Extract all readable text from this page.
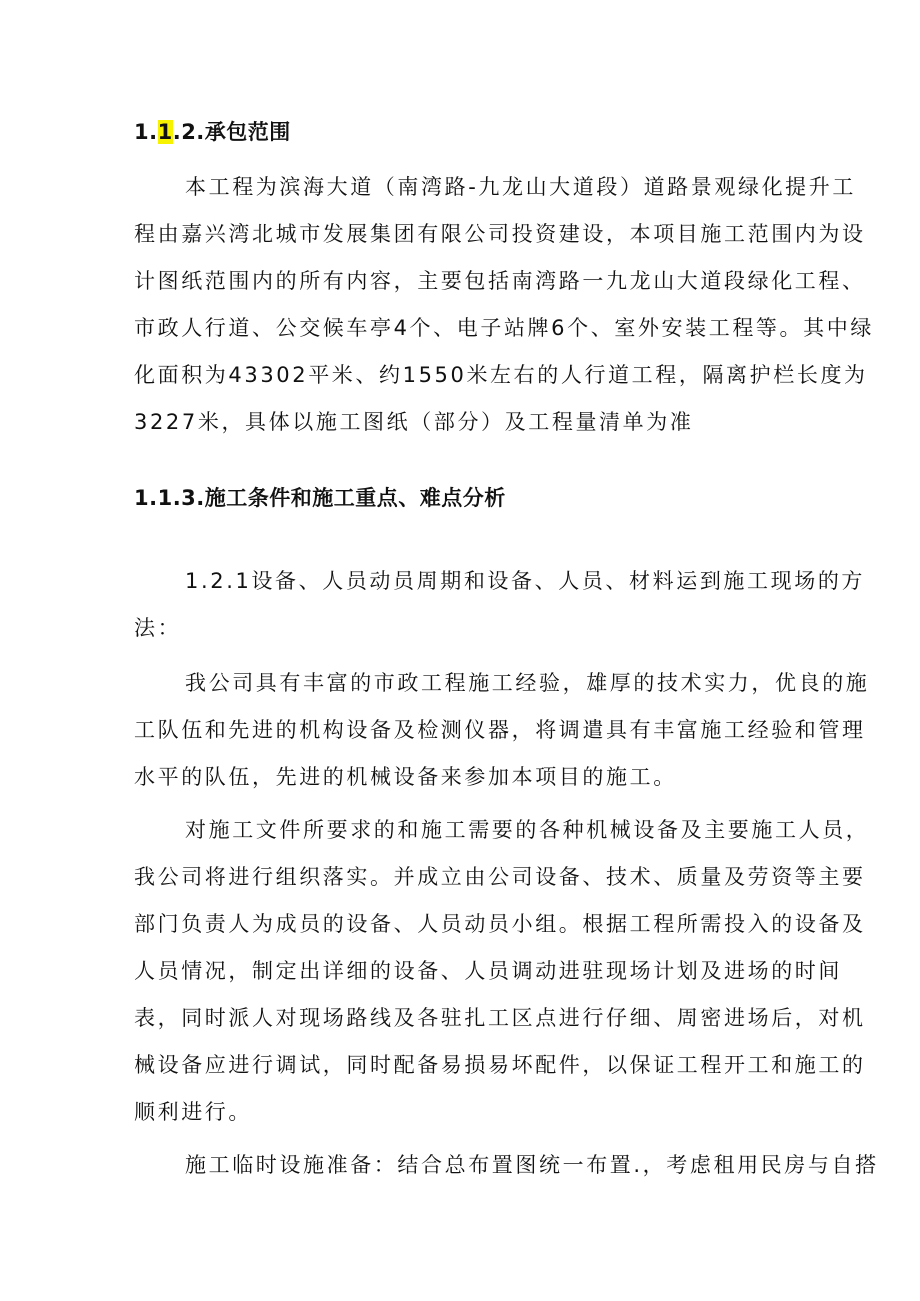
1.1.2.承包范围
本工程为滨海大道（南湾路-九龙山大道段）道路景观绿化提升工
程由嘉兴湾北城市发展集团有限公司投资建设，本项目施工范围内为设
计图纸范围内的所有内容，主要包括南湾路一九龙山大道段绿化工程、
市政人行道、公交候车亭4个、电子站牌6个、室外安装工程等。其中绿
化面积为43302平米、约1550米左右的人行道工程，隔离护栏长度为
3227米，具体以施工图纸（部分）及工程量清单为准
1.1.3.施工条件和施工重点、难点分析
1.2.1设备、人员动员周期和设备、人员、材料运到施工现场的方
法：
我公司具有丰富的市政工程施工经验，雄厚的技术实力，优良的施
工队伍和先进的机构设备及检测仪器，将调遣具有丰富施工经验和管理
水平的队伍，先进的机械设备来参加本项目的施工。
对施工文件所要求的和施工需要的各种机械设备及主要施工人员，
我公司将进行组织落实。并成立由公司设备、技术、质量及劳资等主要
部门负责人为成员的设备、人员动员小组。根据工程所需投入的设备及
人员情况，制定出详细的设备、人员调动进驻现场计划及进场的时间
表，同时派人对现场路线及各驻扎工区点进行仔细、周密进场后，对机
械设备应进行调试，同时配备易损易坏配件，以保证工程开工和施工的
顺利进行。
施工临时设施准备：结合总布置图统一布置.，考虑租用民房与自搭
